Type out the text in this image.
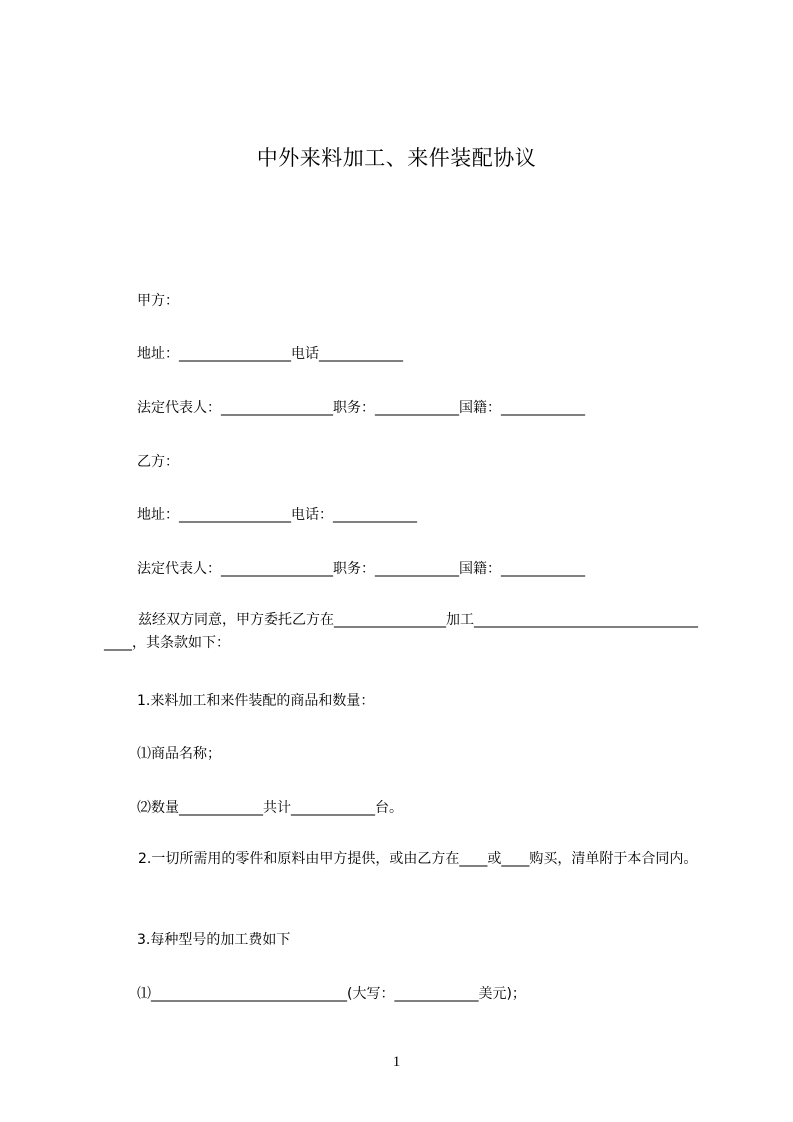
中外来料加工、来件装配协议
甲方：
地址：________________电话____________
法定代表人：________________职务：____________国籍：____________
乙方：
地址：________________电话：____________
法定代表人：________________职务：____________国籍：____________
兹经双方同意，甲方委托乙方在________________加工____________________________________，其条款如下：
1.来料加工和来件装配的商品和数量：
⑴商品名称；
⑵数量____________共计____________台。
2.一切所需用的零件和原料由甲方提供，或由乙方在____或____购买，清单附于本合同内。
3.每种型号的加工费如下
⑴____________________________(大写：____________美元)；
1
